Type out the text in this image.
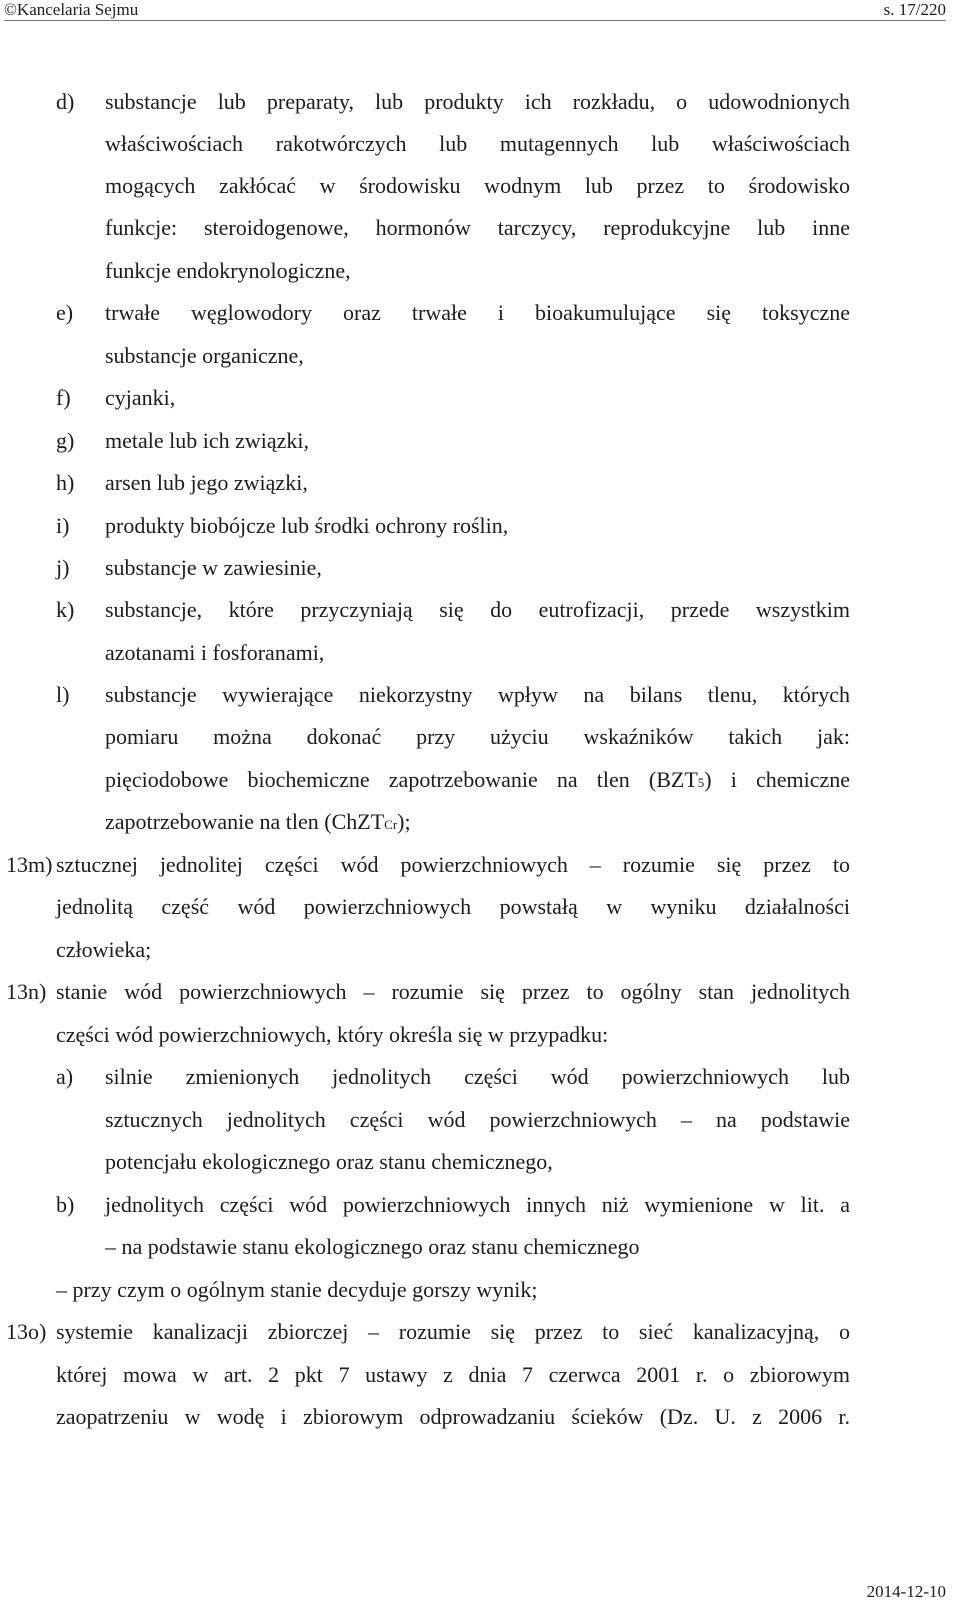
©Kancelaria Sejmu	s. 17/220
d) substancje lub preparaty, lub produkty ich rozkładu, o udowodnionych
właściwościach rakotwórczych lub mutagennych lub właściwościach
mogących zakłócać w środowisku wodnym lub przez to środowisko
funkcje: steroidogenowe, hormonów tarczycy, reprodukcyjne lub inne
funkcje endokrynologiczne,
e) trwałe węglowodory oraz trwałe i bioakumulujące się toksyczne
substancje organiczne,
f) cyjanki,
g) metale lub ich związki,
h) arsen lub jego związki,
i) produkty biobójcze lub środki ochrony roślin,
j) substancje w zawiesinie,
k) substancje, które przyczyniają się do eutrofizacji, przede wszystkim
azotanami i fosforanami,
l) substancje wywierające niekorzystny wpływ na bilans tlenu, których
pomiaru można dokonać przy użyciu wskaźników takich jak:
pięciodobowe biochemiczne zapotrzebowanie na tlen (BZT5) i chemiczne
zapotrzebowanie na tlen (ChZTCr);
13m) sztucznej jednolitej części wód powierzchniowych – rozumie się przez to
jednolitą część wód powierzchniowych powstałą w wyniku działalności
człowieka;
13n) stanie wód powierzchniowych – rozumie się przez to ogólny stan jednolitych
części wód powierzchniowych, który określa się w przypadku:
a) silnie zmienionych jednolitych części wód powierzchniowych lub
sztucznych jednolitych części wód powierzchniowych – na podstawie
potencjału ekologicznego oraz stanu chemicznego,
b) jednolitych części wód powierzchniowych innych niż wymienione w lit. a
– na podstawie stanu ekologicznego oraz stanu chemicznego
– przy czym o ogólnym stanie decyduje gorszy wynik;
13o) systemie kanalizacji zbiorczej – rozumie się przez to sieć kanalizacyjną, o
której mowa w art. 2 pkt 7 ustawy z dnia 7 czerwca 2001 r. o zbiorowym
zaopatrzeniu w wodę i zbiorowym odprowadzaniu ścieków (Dz. U. z 2006 r.
2014-12-10
